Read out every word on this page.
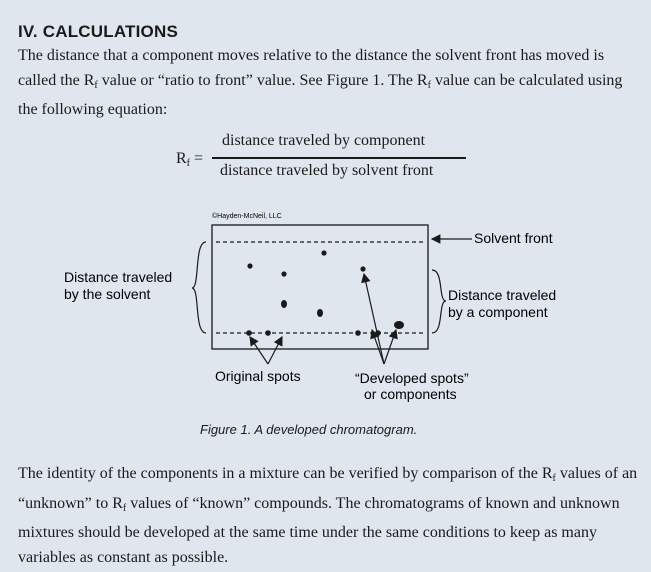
IV. CALCULATIONS
The distance that a component moves relative to the distance the solvent front has moved is called the $R_f$ value or “ratio to front” value. See Figure 1. The $R_f$ value can be calculated using the following equation:
$R_f$ =
distance traveled by component
distance traveled by solvent front
©Hayden-McNeil, LLC
Solvent front
Distance traveled
by the solvent	Distance traveled
by a component
Original spots	“Developed spots”
or components
Figure 1. A developed chromatogram.
The identity of the components in a mixture can be verified by comparison of the $R_f$ values of an “unknown” to $R_f$ values of “known” compounds. The chromatograms of known and unknown mixtures should be developed at the same time under the same conditions to keep as many variables as constant as possible.
